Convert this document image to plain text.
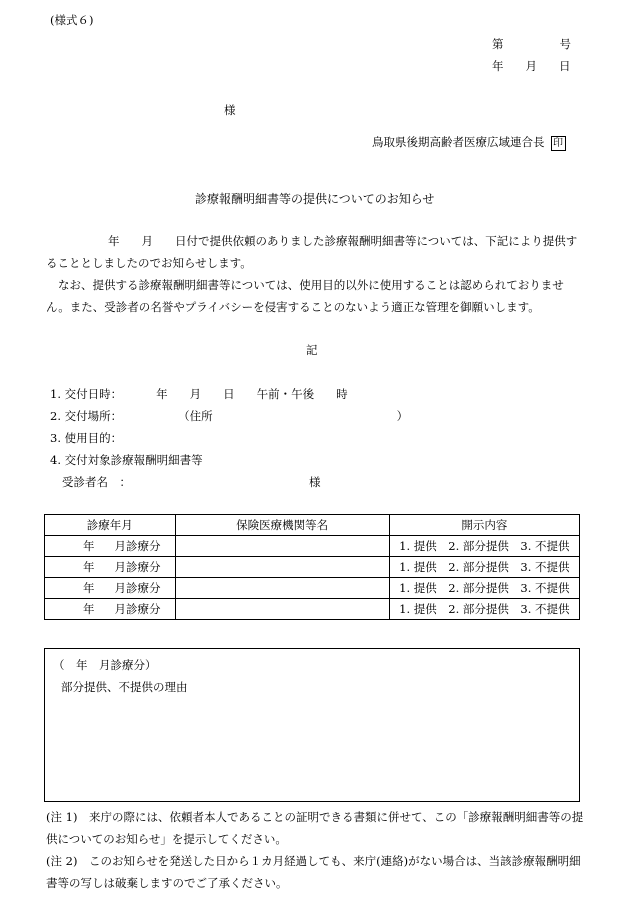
(様式６)
第	号
年 月 日
様
鳥取県後期高齢者医療広域連合長 印
診療報酬明細書等の提供についてのお知らせ
年 月 日付で提供依頼のありました診療報酬明細書等については、下記により提供することとしましたのでお知らせします。
なお、提供する診療報酬明細書等については、使用目的以外に使用することは認められておりません。また、受診者の名誉やプライバシーを侵害することのないよう適正な管理を御願いします。
記
1. 交付日時：	年 月 日 午前・午後 時
2. 交付場所：	（住所	）
3. 使用目的：
4. 交付対象診療報酬明細書等
受診者名　：	様
診療年月	保険医療機関等名	開示内容
年 月診療分		1. 提供　2. 部分提供　3. 不提供
年 月診療分		1. 提供　2. 部分提供　3. 不提供
年 月診療分		1. 提供　2. 部分提供　3. 不提供
年 月診療分		1. 提供　2. 部分提供　3. 不提供
（　年　月診療分）
部分提供、不提供の理由
(注 1)　来庁の際には、依頼者本人であることの証明できる書類に併せて、この「診療報酬明細書等の提供についてのお知らせ」を提示してください。
(注 2)　このお知らせを発送した日から１カ月経過しても、来庁(連絡)がない場合は、当該診療報酬明細書等の写しは破棄しますのでご了承ください。
